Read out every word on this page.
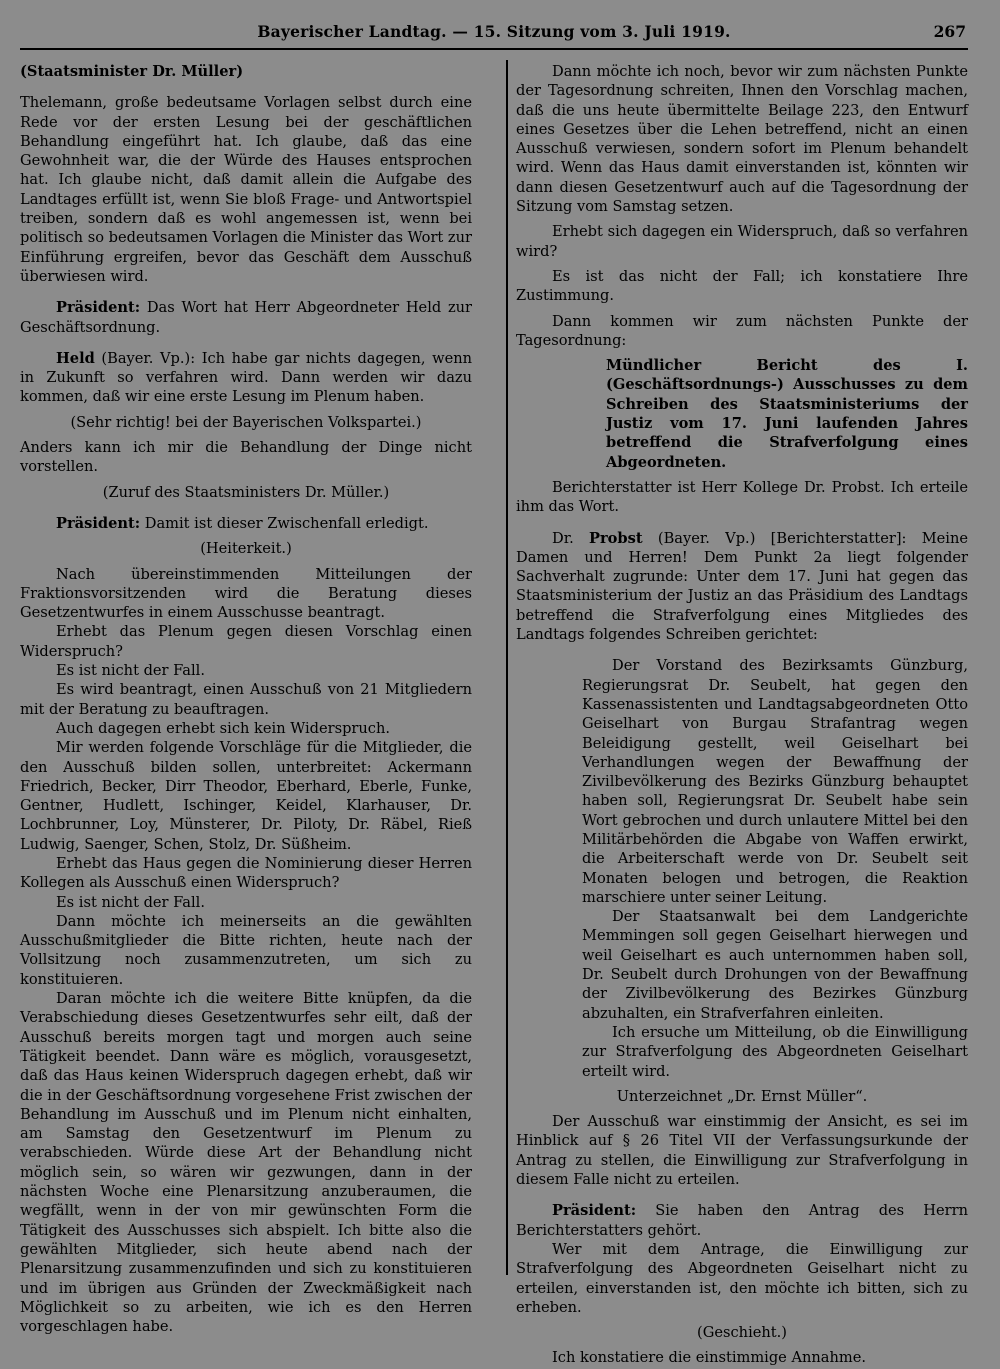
Bayerischer Landtag. — 15. Sitzung vom 3. Juli 1919.	267

(Staatsminister Dr. Müller)

Thelemann, große bedeutsame Vorlagen selbst durch eine Rede vor der ersten Lesung bei der geschäftlichen Behandlung eingeführt hat. Ich glaube, daß das eine Gewohnheit war, die der Würde des Hauses entsprochen hat. Ich glaube nicht, daß damit allein die Aufgabe des Landtages erfüllt ist, wenn Sie bloß Frage- und Antwortspiel treiben, sondern daß es wohl angemessen ist, wenn bei politisch so bedeutsamen Vorlagen die Minister das Wort zur Einführung ergreifen, bevor das Geschäft dem Ausschuß überwiesen wird.

Präsident: Das Wort hat Herr Abgeordneter Held zur Geschäftsordnung.

Held (Bayer. Vp.): Ich habe gar nichts dagegen, wenn in Zukunft so verfahren wird. Dann werden wir dazu kommen, daß wir eine erste Lesung im Plenum haben.

(Sehr richtig! bei der Bayerischen Volkspartei.)

Anders kann ich mir die Behandlung der Dinge nicht vorstellen.

(Zuruf des Staatsministers Dr. Müller.)

Präsident: Damit ist dieser Zwischenfall erledigt.

(Heiterkeit.)

Nach übereinstimmenden Mitteilungen der Fraktionsvorsitzenden wird die Beratung dieses Gesetzentwurfes in einem Ausschusse beantragt.

Erhebt das Plenum gegen diesen Vorschlag einen Widerspruch?

Es ist nicht der Fall.

Es wird beantragt, einen Ausschuß von 21 Mitgliedern mit der Beratung zu beauftragen.

Auch dagegen erhebt sich kein Widerspruch.

Mir werden folgende Vorschläge für die Mitglieder, die den Ausschuß bilden sollen, unterbreitet: Ackermann Friedrich, Becker, Dirr Theodor, Eberhard, Eberle, Funke, Gentner, Hudlett, Ischinger, Keidel, Klarhauser, Dr. Lochbrunner, Loy, Münsterer, Dr. Piloty, Dr. Räbel, Rieß Ludwig, Saenger, Schen, Stolz, Dr. Süßheim.

Erhebt das Haus gegen die Nominierung dieser Herren Kollegen als Ausschuß einen Widerspruch?

Es ist nicht der Fall.

Dann möchte ich meinerseits an die gewählten Ausschußmitglieder die Bitte richten, heute nach der Vollsitzung noch zusammenzutreten, um sich zu konstituieren.

Daran möchte ich die weitere Bitte knüpfen, da die Verabschiedung dieses Gesetzentwurfes sehr eilt, daß der Ausschuß bereits morgen tagt und morgen auch seine Tätigkeit beendet. Dann wäre es möglich, vorausgesetzt, daß das Haus keinen Widerspruch dagegen erhebt, daß wir die in der Geschäftsordnung vorgesehene Frist zwischen der Behandlung im Ausschuß und im Plenum nicht einhalten, am Samstag den Gesetzentwurf im Plenum zu verabschieden. Würde diese Art der Behandlung nicht möglich sein, so wären wir gezwungen, dann in der nächsten Woche eine Plenarsitzung anzuberaumen, die wegfällt, wenn in der von mir gewünschten Form die Tätigkeit des Ausschusses sich abspielt. Ich bitte also die gewählten Mitglieder, sich heute abend nach der Plenarsitzung zusammenzufinden und sich zu konstituieren und im übrigen aus Gründen der Zweckmäßigkeit nach Möglichkeit so zu arbeiten, wie ich es den Herren vorgeschlagen habe.

Dann möchte ich noch, bevor wir zum nächsten Punkte der Tagesordnung schreiten, Ihnen den Vorschlag machen, daß die uns heute übermittelte Beilage 223, den Entwurf eines Gesetzes über die Lehen betreffend, nicht an einen Ausschuß verwiesen, sondern sofort im Plenum behandelt wird. Wenn das Haus damit einverstanden ist, könnten wir dann diesen Gesetzentwurf auch auf die Tagesordnung der Sitzung vom Samstag setzen.

Erhebt sich dagegen ein Widerspruch, daß so verfahren wird?

Es ist das nicht der Fall; ich konstatiere Ihre Zustimmung.

Dann kommen wir zum nächsten Punkte der Tagesordnung:

Mündlicher Bericht des I. (Geschäftsordnungs-) Ausschusses zu dem Schreiben des Staatsministeriums der Justiz vom 17. Juni laufenden Jahres betreffend die Strafverfolgung eines Abgeordneten.

Berichterstatter ist Herr Kollege Dr. Probst. Ich erteile ihm das Wort.

Dr. Probst (Bayer. Vp.) [Berichterstatter]: Meine Damen und Herren! Dem Punkt 2a liegt folgender Sachverhalt zugrunde: Unter dem 17. Juni hat gegen das Staatsministerium der Justiz an das Präsidium des Landtags betreffend die Strafverfolgung eines Mitgliedes des Landtags folgendes Schreiben gerichtet:

Der Vorstand des Bezirksamts Günzburg, Regierungsrat Dr. Seubelt, hat gegen den Kassenassistenten und Landtagsabgeordneten Otto Geiselhart von Burgau Strafantrag wegen Beleidigung gestellt, weil Geiselhart bei Verhandlungen wegen der Bewaffnung der Zivilbevölkerung des Bezirks Günzburg behauptet haben soll, Regierungsrat Dr. Seubelt habe sein Wort gebrochen und durch unlautere Mittel bei den Militärbehörden die Abgabe von Waffen erwirkt, die Arbeiterschaft werde von Dr. Seubelt seit Monaten belogen und betrogen, die Reaktion marschiere unter seiner Leitung.

Der Staatsanwalt bei dem Landgerichte Memmingen soll gegen Geiselhart hierwegen und weil Geiselhart es auch unternommen haben soll, Dr. Seubelt durch Drohungen von der Bewaffnung der Zivilbevölkerung des Bezirkes Günzburg abzuhalten, ein Strafverfahren einleiten.

Ich ersuche um Mitteilung, ob die Einwilligung zur Strafverfolgung des Abgeordneten Geiselhart erteilt wird.

Unterzeichnet „Dr. Ernst Müller“.

Der Ausschuß war einstimmig der Ansicht, es sei im Hinblick auf § 26 Titel VII der Verfassungsurkunde der Antrag zu stellen, die Einwilligung zur Strafverfolgung in diesem Falle nicht zu erteilen.

Präsident: Sie haben den Antrag des Herrn Berichterstatters gehört.

Wer mit dem Antrage, die Einwilligung zur Strafverfolgung des Abgeordneten Geiselhart nicht zu erteilen, einverstanden ist, den möchte ich bitten, sich zu erheben.

(Geschieht.)

Ich konstatiere die einstimmige Annahme.
